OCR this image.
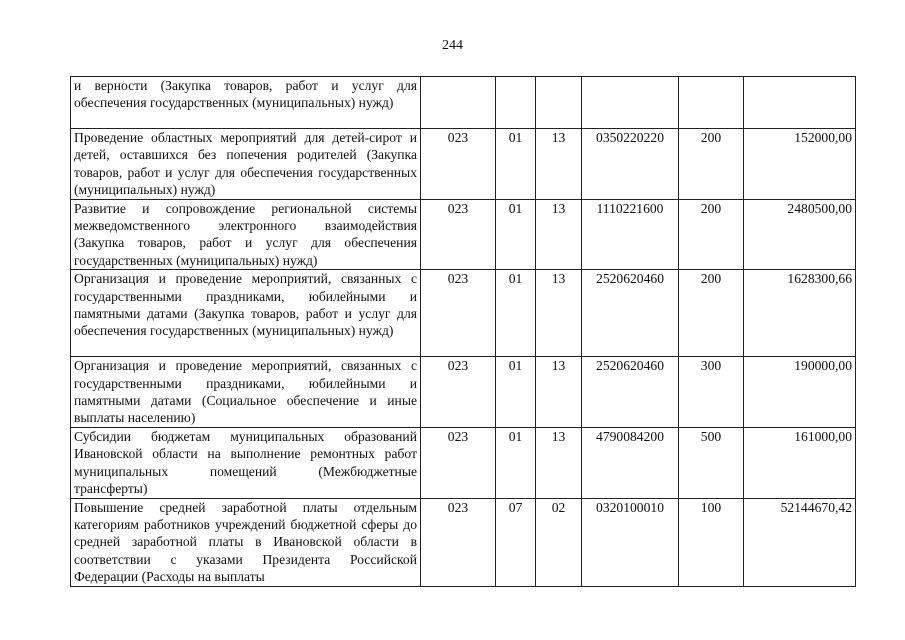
244
и верности (Закупка товаров, работ и услуг для обеспечения государственных (муниципальных) нужд)						
Проведение областных мероприятий для детей-сирот и детей, оставшихся без попечения родителей (Закупка товаров, работ и услуг для обеспечения государственных (муниципальных) нужд)	023	01	13	0350220220	200	152000,00
Развитие и сопровождение региональной системы межведомственного электронного взаимодействия (Закупка товаров, работ и услуг для обеспечения государственных (муниципальных) нужд)	023	01	13	1110221600	200	2480500,00
Организация и проведение мероприятий, связанных с государственными праздниками, юбилейными и памятными датами (Закупка товаров, работ и услуг для обеспечения государственных (муниципальных) нужд)	023	01	13	2520620460	200	1628300,66
Организация и проведение мероприятий, связанных с государственными праздниками, юбилейными и памятными датами (Социальное обеспечение и иные выплаты населению)	023	01	13	2520620460	300	190000,00
Субсидии бюджетам муниципальных образований Ивановской области на выполнение ремонтных работ муниципальных помещений (Межбюджетные трансферты)	023	01	13	4790084200	500	161000,00
Повышение средней заработной платы отдельным категориям работников учреждений бюджетной сферы до средней заработной платы в Ивановской области в соответствии с указами Президента Российской Федерации (Расходы на выплаты	023	07	02	0320100010	100	52144670,42
